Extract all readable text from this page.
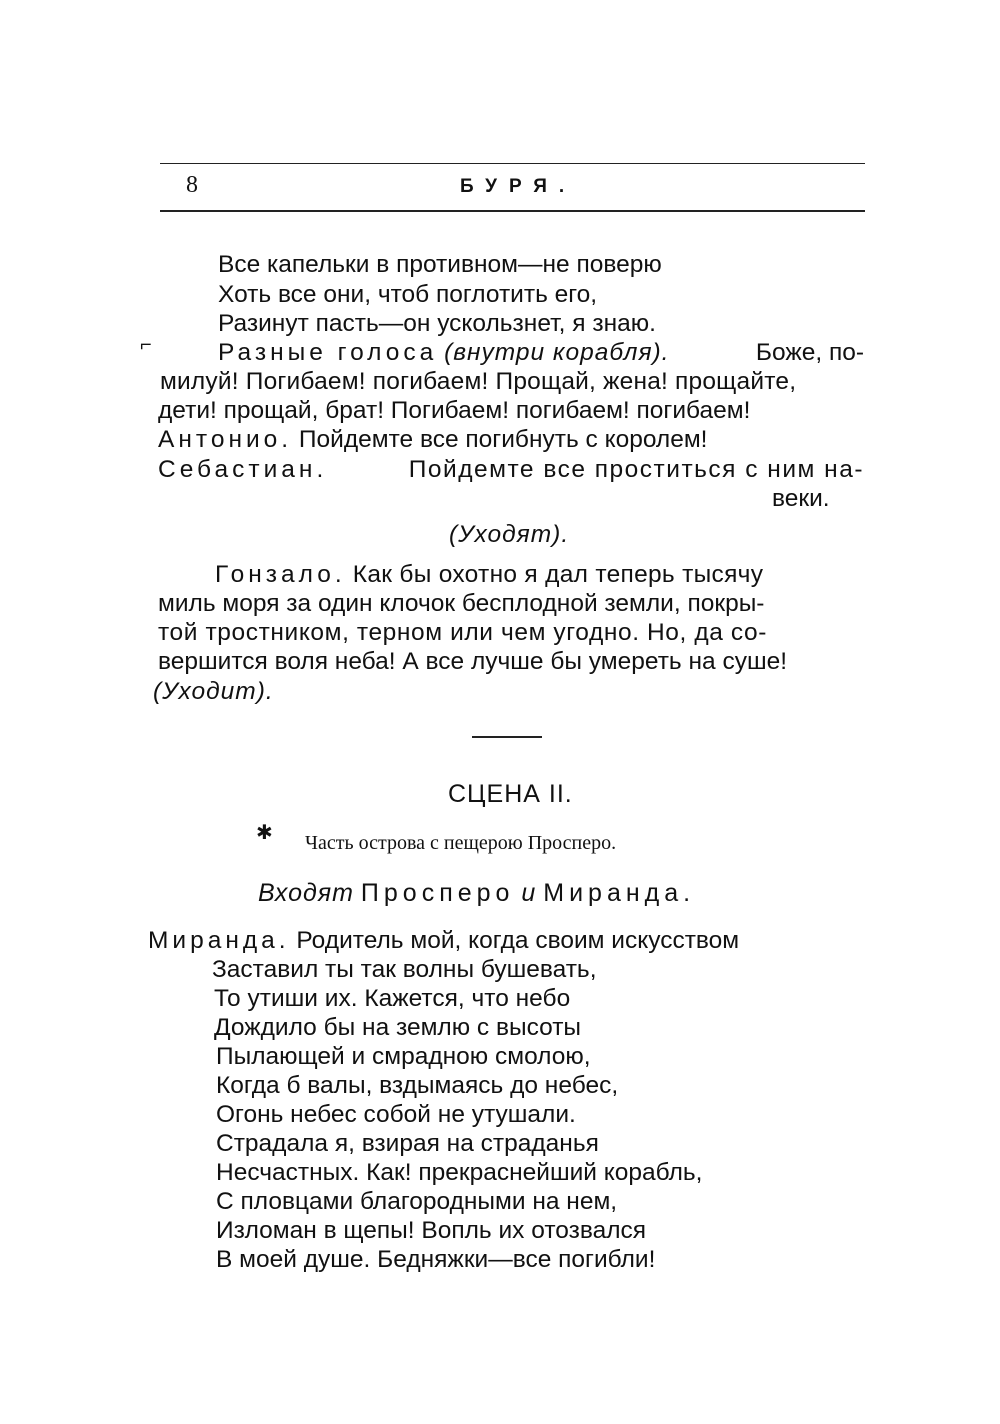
8	БУРЯ.
Все капельки в противном—не поверю
Хоть все они, чтоб поглотить его,
Разинут пасть—он ускользнет, я знаю.
⌐	Разные голоса (внутри корабля).	Боже, по-
милуй! Погибаем! погибаем! Прощай, жена! прощайте,
дети! прощай, брат! Погибаем! погибаем! погибаем!
Антонио. Пойдемте все погибнуть с королем!
Себастиан.	Пойдемте все проститься с ним на-
веки.
(Уходят).
Гонзало. Как бы охотно я дал теперь тысячу
миль моря за один клочок бесплодной земли, покры-
той тростником, терном или чем угодно. Но, да со-
вершится воля неба! А все лучше бы умереть на суше!
(Уходит).
СЦЕНА II.
✱ Часть острова с пещерою Просперо.
Входят Просперо и Миранда.
Миранда. Родитель мой, когда своим искусством
Заставил ты так волны бушевать,
То утиши их. Кажется, что небо
Дождило бы на землю с высоты
Пылающей и смрадною смолою,
Когда б валы, вздымаясь до небес,
Огонь небес собой не утушали.
Страдала я, взирая на страданья
Несчастных. Как! прекраснейший корабль,
С пловцами благородными на нем,
Изломан в щепы! Вопль их отозвался
В моей душе. Бедняжки—все погибли!
